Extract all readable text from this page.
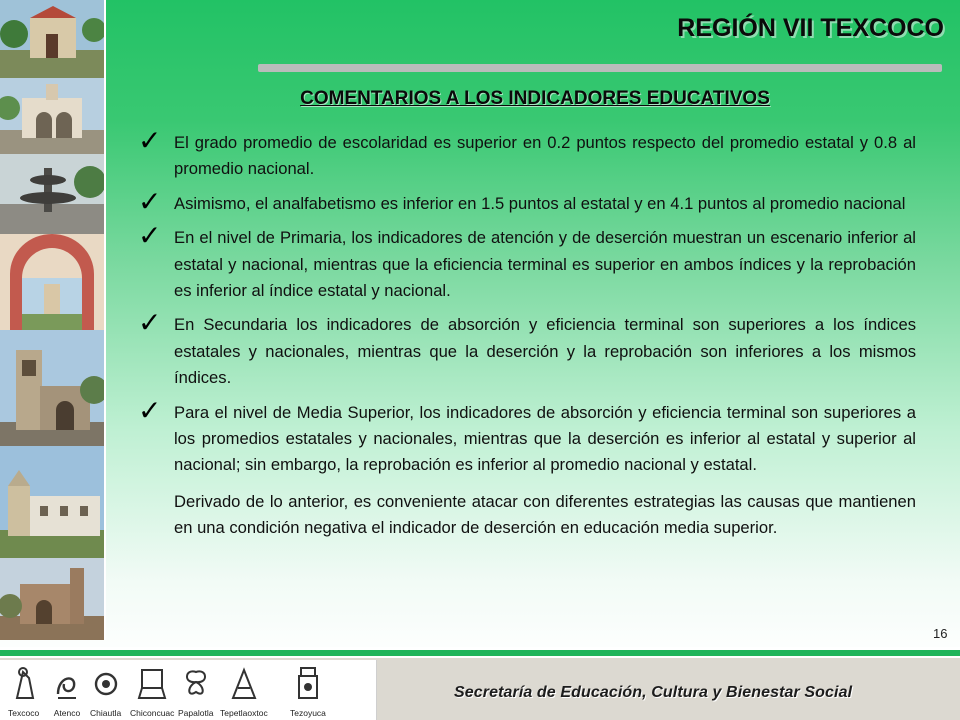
REGIÓN VII TEXCOCO
COMENTARIOS A LOS INDICADORES EDUCATIVOS
✓ El grado promedio de escolaridad es superior en 0.2 puntos respecto del promedio estatal y 0.8 al promedio nacional.
✓ Asimismo, el analfabetismo es inferior en 1.5 puntos al estatal y en 4.1 puntos al promedio nacional
✓ En el nivel de Primaria, los indicadores de atención y de deserción muestran un escenario inferior al estatal y nacional, mientras que la eficiencia terminal es superior en ambos índices y la reprobación es inferior al índice estatal y nacional.
✓ En Secundaria los indicadores de absorción y eficiencia terminal son superiores a los índices estatales y nacionales, mientras que la deserción y la reprobación son inferiores a los mismos índices.
✓ Para el nivel de Media Superior, los indicadores de absorción y eficiencia terminal son superiores a los promedios estatales y nacionales, mientras que la deserción es inferior al estatal y superior al nacional; sin embargo, la reprobación es inferior al promedio nacional y estatal.
Derivado de lo anterior, es conveniente atacar con diferentes estrategias las causas que mantienen en una condición negativa el indicador de deserción en educación media superior.
16
Texcoco Atenco Chiautla Chiconcuac Papalotla Tepetlaoxtoc	Tezoyuca
Secretaría de Educación, Cultura y Bienestar Social
